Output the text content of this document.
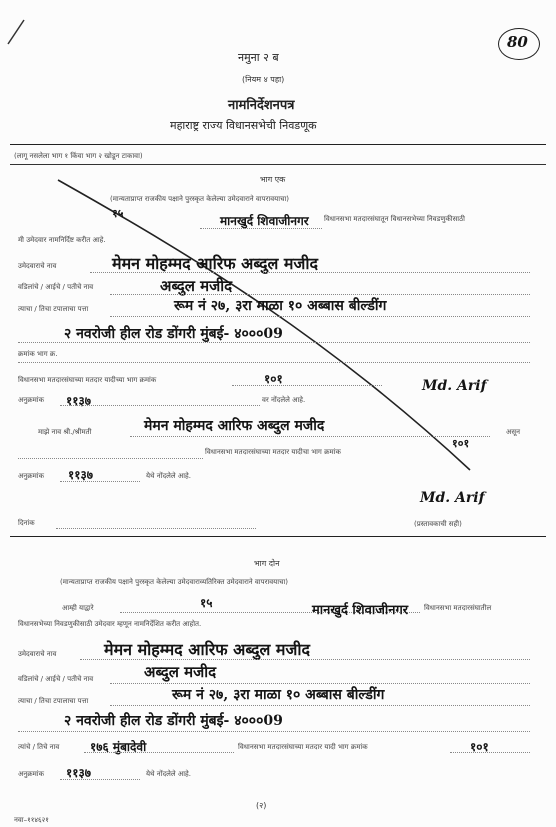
80
नमुना २ ब
(नियम ४ पहा)
नामनिर्देशनपत्र
महाराष्ट्र राज्य विधानसभेची निवडणूक
(लागू नसलेला भाग १ किंवा भाग २ खोडून टाकावा)
भाग एक
(मान्यताप्राप्त राजकीय पक्षाने पुरस्कृत केलेल्या उमेदवाराने वापरावयाचा)
१५
मानखुर्द शिवाजीनगर विधानसभा मतदारसंघातून विधानसभेच्या निवडणुकीसाठी
मी उमेदवार नामनिर्दिष्ट करीत आहे.
उमेदवाराचे नाव	मेमन मोहम्मद आरिफ अब्दुल मजीद
वडिलांचे / आईचे / पतीचे नाव	अब्दुल मजीद
त्याचा / तिचा टपालाचा पत्ता	रूम नं २७, ३रा माळा १० अब्बास बील्डींग
२ नवरोजी हील रोड डोंगरी मुंबई- ४०००09
क्रमांक भाग क्र.
विधानसभा मतदारसंघाच्या मतदार यादीच्या भाग क्रमांक	१०१
अनुक्रमांक ११३७	वर नोंदलेले आहे.
Md. Arif
माझे नाव श्री./श्रीमती	मेमन मोहम्मद आरिफ अब्दुल मजीद
१०१
असून
विधानसभा मतदारसंघाच्या मतदार यादीचा भाग क्रमांक
अनुक्रमांक ११३७	येथे नोंदलेले आहे.
Md. Arif
(प्रस्तावकाची सही)
दिनांक
भाग दोन
(मान्यताप्राप्त राजकीय पक्षाने पुरस्कृत केलेल्या उमेदवाराव्यतिरिक्त उमेदवाराने वापरावयाचा)
आम्ही याद्वारे	१५	मानखुर्द शिवाजीनगर विधानसभा मतदारसंघातील
विधानसभेच्या निवडणुकीसाठी उमेदवार म्हणून नामनिर्देशित करीत आहोत.
उमेदवाराचे नाव	मेमन मोहम्मद आरिफ अब्दुल मजीद
वडिलांचे / आईचे / पतीचे नाव	अब्दुल मजीद
त्याचा / तिचा टपालाचा पत्ता	रूम नं २७, ३रा माळा १० अब्बास बील्डींग
२ नवरोजी हील रोड डोंगरी मुंबई- ४०००09
त्यांचे / तिचे नाव	१७६ मुंबादेवी	विधानसभा मतदारसंघाच्या मतदार यादी भाग क्रमांक	१०१
अनुक्रमांक ११३७	येथे नोंदलेले आहे.
(२)
नवा–११४६२१
